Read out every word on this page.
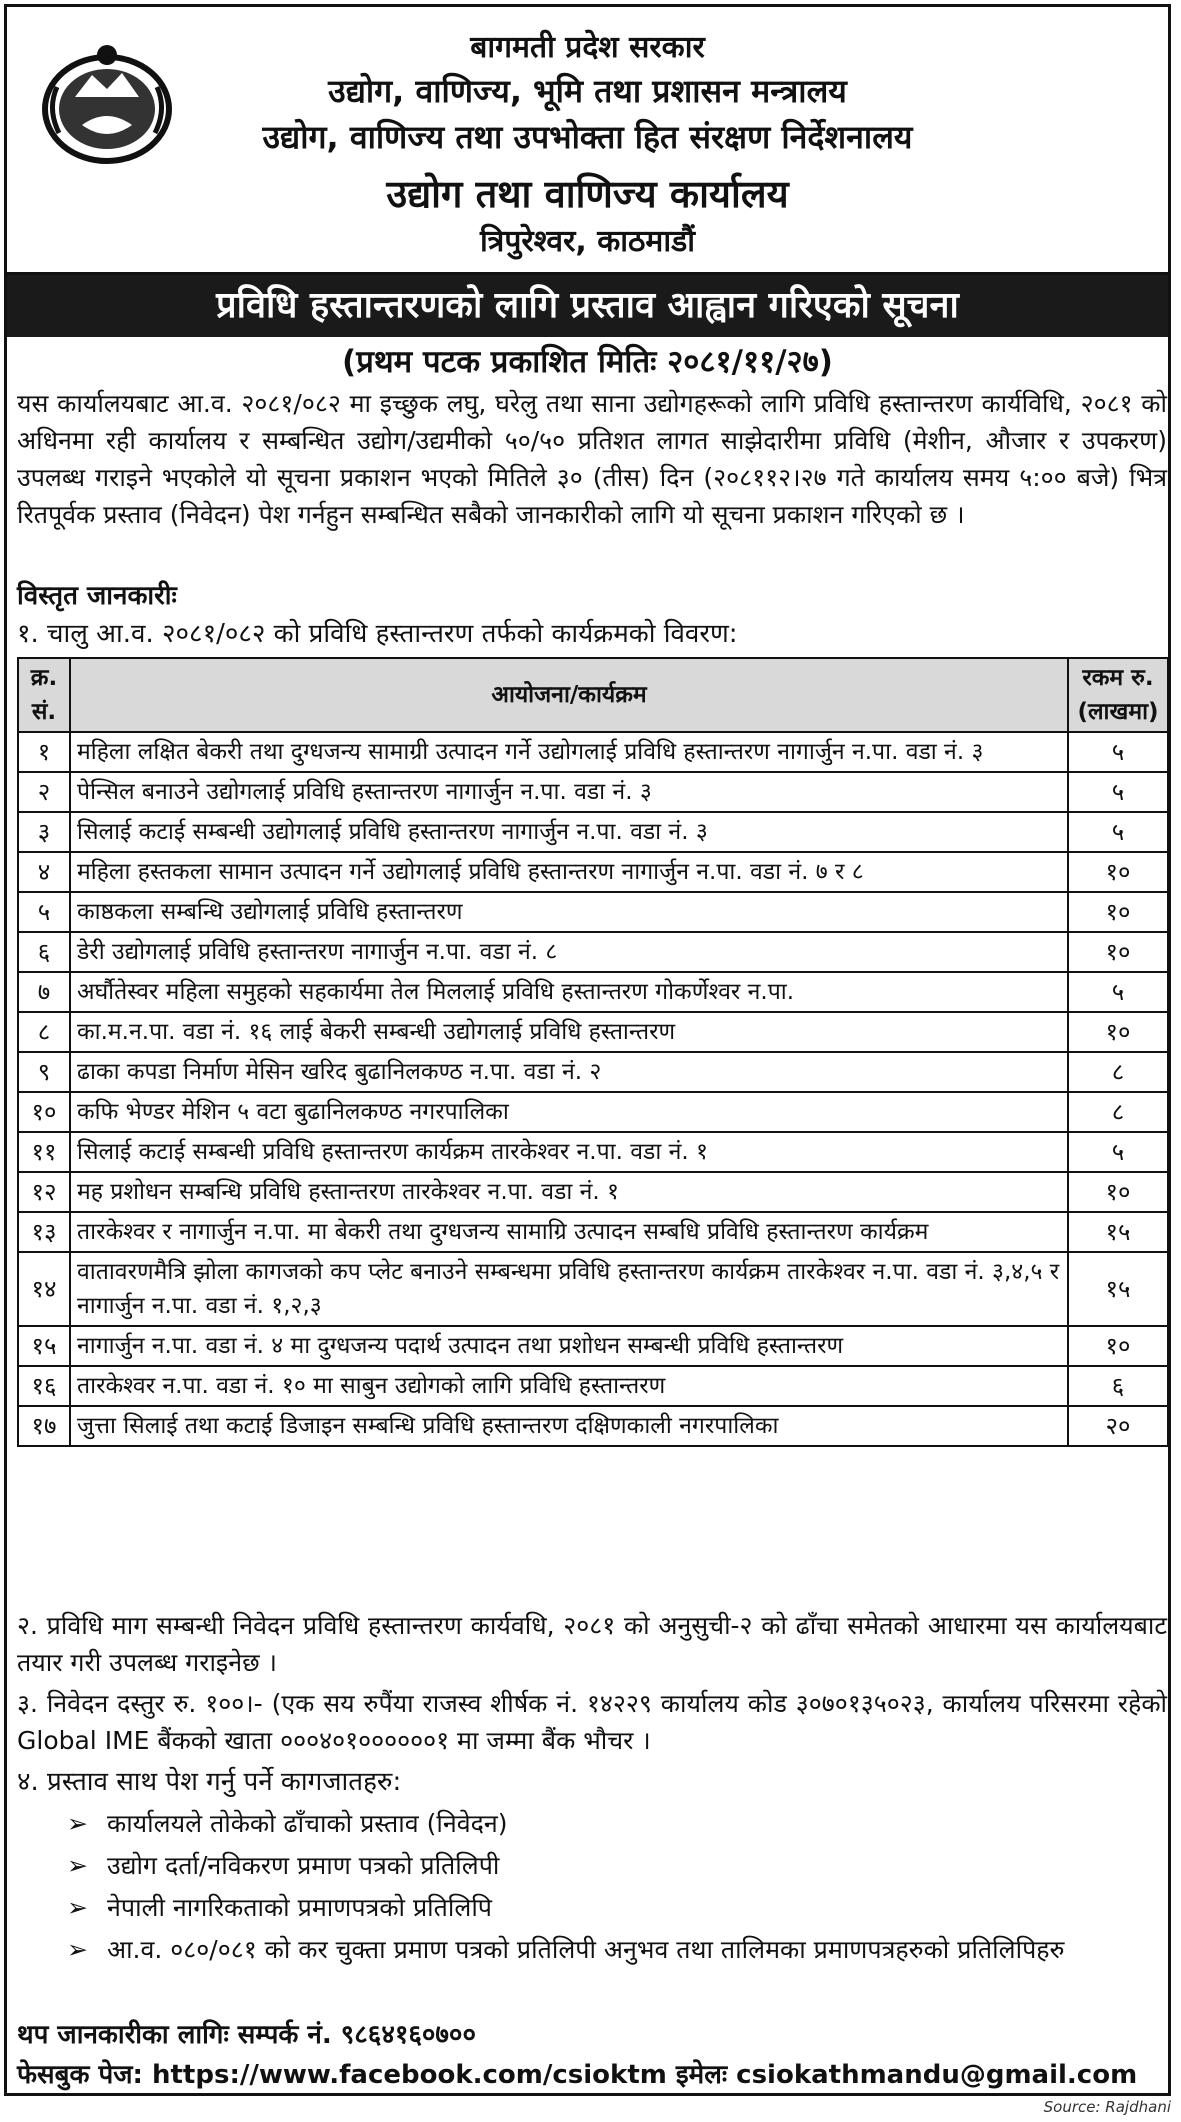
बागमती प्रदेश सरकार
उद्योग, वाणिज्य, भूमि तथा प्रशासन मन्त्रालय
उद्योग, वाणिज्य तथा उपभोक्ता हित संरक्षण निर्देशनालय
उद्योग तथा वाणिज्य कार्यालय
त्रिपुरेश्वर, काठमाडौं
प्रविधि हस्तान्तरणको लागि प्रस्ताव आह्वान गरिएको सूचना
(प्रथम पटक प्रकाशित मितिः २०८१/११/२७)
यस कार्यालयबाट आ.व. २०८१/०८२ मा इच्छुक लघु, घरेलु तथा साना उद्योगहरूको लागि प्रविधि हस्तान्तरण कार्यविधि, २०८१ को अधिनमा रही कार्यालय र सम्बन्धित उद्योग/उद्यमीको ५०/५० प्रतिशत लागत साझेदारीमा प्रविधि (मेशीन, औजार र उपकरण) उपलब्ध गराइने भएकोले यो सूचना प्रकाशन भएको मितिले ३० (तीस) दिन (२०८११२।२७ गते कार्यालय समय ५:०० बजे) भित्र रितपूर्वक प्रस्ताव (निवेदन) पेश गर्नहुन सम्बन्धित सबैको जानकारीको लागि यो सूचना प्रकाशन गरिएको छ ।
विस्तृत जानकारीः
१. चालु आ.व. २०८१/०८२ को प्रविधि हस्तान्तरण तर्फको कार्यक्रमको विवरण:
क्र. सं.	आयोजना/कार्यक्रम	रकम रु. (लाखमा)
१	महिला लक्षित बेकरी तथा दुग्धजन्य सामाग्री उत्पादन गर्ने उद्योगलाई प्रविधि हस्तान्तरण नागार्जुन न.पा. वडा नं. ३	५
२	पेन्सिल बनाउने उद्योगलाई प्रविधि हस्तान्तरण नागार्जुन न.पा. वडा नं. ३	५
३	सिलाई कटाई सम्बन्धी उद्योगलाई प्रविधि हस्तान्तरण नागार्जुन न.पा. वडा नं. ३	५
४	महिला हस्तकला सामान उत्पादन गर्ने उद्योगलाई प्रविधि हस्तान्तरण नागार्जुन न.पा. वडा नं. ७ र ८	१०
५	काष्ठकला सम्बन्धि उद्योगलाई प्रविधि हस्तान्तरण	१०
६	डेरी उद्योगलाई प्रविधि हस्तान्तरण नागार्जुन न.पा. वडा नं. ८	१०
७	अर्घौतेस्वर महिला समुहको सहकार्यमा तेल मिललाई प्रविधि हस्तान्तरण गोकर्णेश्वर न.पा.	५
८	का.म.न.पा. वडा नं. १६ लाई बेकरी सम्बन्धी उद्योगलाई प्रविधि हस्तान्तरण	१०
९	ढाका कपडा निर्माण मेसिन खरिद बुढानिलकण्ठ न.पा. वडा नं. २	८
१०	कफि भेण्डर मेशिन ५ वटा बुढानिलकण्ठ नगरपालिका	८
११	सिलाई कटाई सम्बन्धी प्रविधि हस्तान्तरण कार्यक्रम तारकेश्वर न.पा. वडा नं. १	५
१२	मह प्रशोधन सम्बन्धि प्रविधि हस्तान्तरण तारकेश्वर न.पा. वडा नं. १	१०
१३	तारकेश्वर र नागार्जुन न.पा. मा बेकरी तथा दुग्धजन्य सामाग्रि उत्पादन सम्बधि प्रविधि हस्तान्तरण कार्यक्रम	१५
१४	वातावरणमैत्रि झोला कागजको कप प्लेट बनाउने सम्बन्धमा प्रविधि हस्तान्तरण कार्यक्रम तारकेश्वर न.पा. वडा नं. ३,४,५ र नागार्जुन न.पा. वडा नं. १,२,३	१५
१५	नागार्जुन न.पा. वडा नं. ४ मा दुग्धजन्य पदार्थ उत्पादन तथा प्रशोधन सम्बन्धी प्रविधि हस्तान्तरण	१०
१६	तारकेश्वर न.पा. वडा नं. १० मा साबुन उद्योगको लागि प्रविधि हस्तान्तरण	६
१७	जुत्ता सिलाई तथा कटाई डिजाइन सम्बन्धि प्रविधि हस्तान्तरण दक्षिणकाली नगरपालिका	२०
२. प्रविधि माग सम्बन्धी निवेदन प्रविधि हस्तान्तरण कार्यवधि, २०८१ को अनुसुची-२ को ढाँचा समेतको आधारमा यस कार्यालयबाट तयार गरी उपलब्ध गराइनेछ ।
३. निवेदन दस्तुर रु. १००।- (एक सय रुपैंया राजस्व शीर्षक नं. १४२२९ कार्यालय कोड ३०७०१३५०२३, कार्यालय परिसरमा रहेको Global IME बैंकको खाता ०००४०१००००००१ मा जम्मा बैंक भौचर ।
४. प्रस्ताव साथ पेश गर्नु पर्ने कागजातहरु:
➢ कार्यालयले तोकेको ढाँचाको प्रस्ताव (निवेदन)
➢ उद्योग दर्ता/नविकरण प्रमाण पत्रको प्रतिलिपी
➢ नेपाली नागरिकताको प्रमाणपत्रको प्रतिलिपि
➢ आ.व. ०८०/०८१ को कर चुक्ता प्रमाण पत्रको प्रतिलिपी अनुभव तथा तालिमका प्रमाणपत्रहरुको प्रतिलिपिहरु
थप जानकारीका लागिः सम्पर्क नं. ९८६४१६०७००
फेसबुक पेज: https://www.facebook.com/csioktm इमेलः csiokathmandu@gmail.com
Source: Rajdhani
